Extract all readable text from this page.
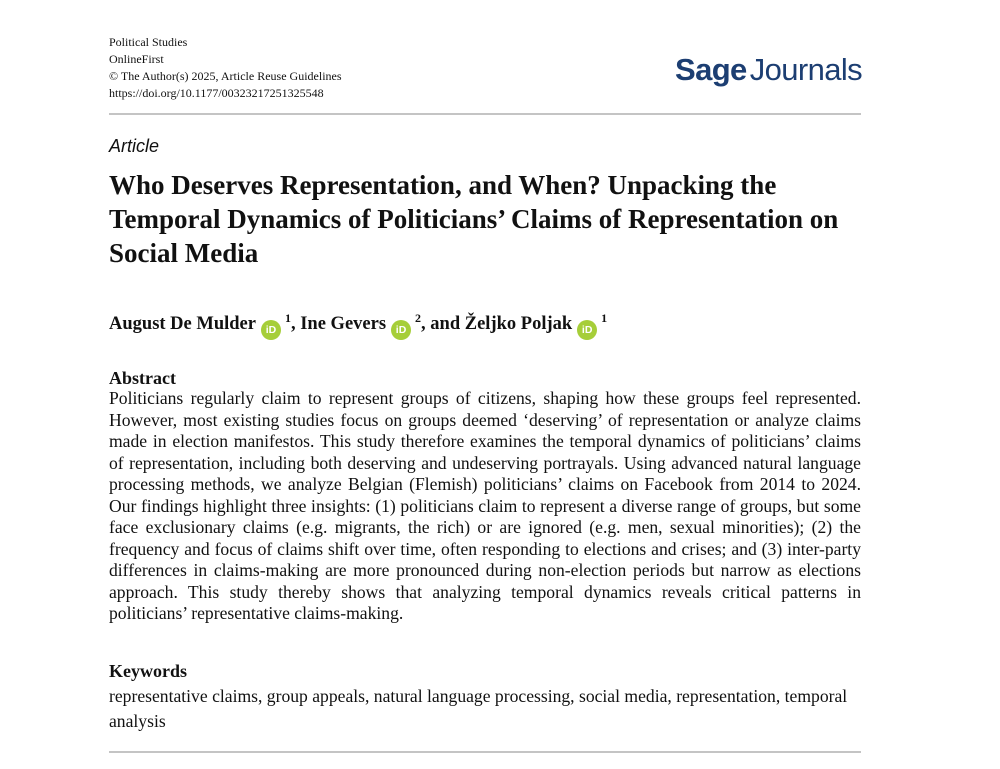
Political Studies
OnlineFirst
© The Author(s) 2025, Article Reuse Guidelines
https://doi.org/10.1177/00323217251325548
SageJournals
Article
Who Deserves Representation, and When? Unpacking the Temporal Dynamics of Politicians’ Claims of Representation on Social Media
August De Mulder iD$^1$, Ine Gevers iD$^2$, and Željko Poljak iD$^1$
Abstract

Politicians regularly claim to represent groups of citizens, shaping how these groups feel represented. However, most existing studies focus on groups deemed ‘deserving’ of representation or analyze claims made in election manifestos. This study therefore examines the temporal dynamics of politicians’ claims of representation, including both deserving and undeserving portrayals. Using advanced natural language processing methods, we analyze Belgian (Flemish) politicians’ claims on Facebook from 2014 to 2024. Our findings highlight three insights: (1) politicians claim to represent a diverse range of groups, but some face exclusionary claims (e.g. migrants, the rich) or are ignored (e.g. men, sexual minorities); (2) the frequency and focus of claims shift over time, often responding to elections and crises; and (3) inter-party differences in claims-making are more pronounced during non-election periods but narrow as elections approach. This study thereby shows that analyzing temporal dynamics reveals critical patterns in politicians’ representative claims-making.

Keywords

representative claims, group appeals, natural language processing, social media, representation, temporal analysis
